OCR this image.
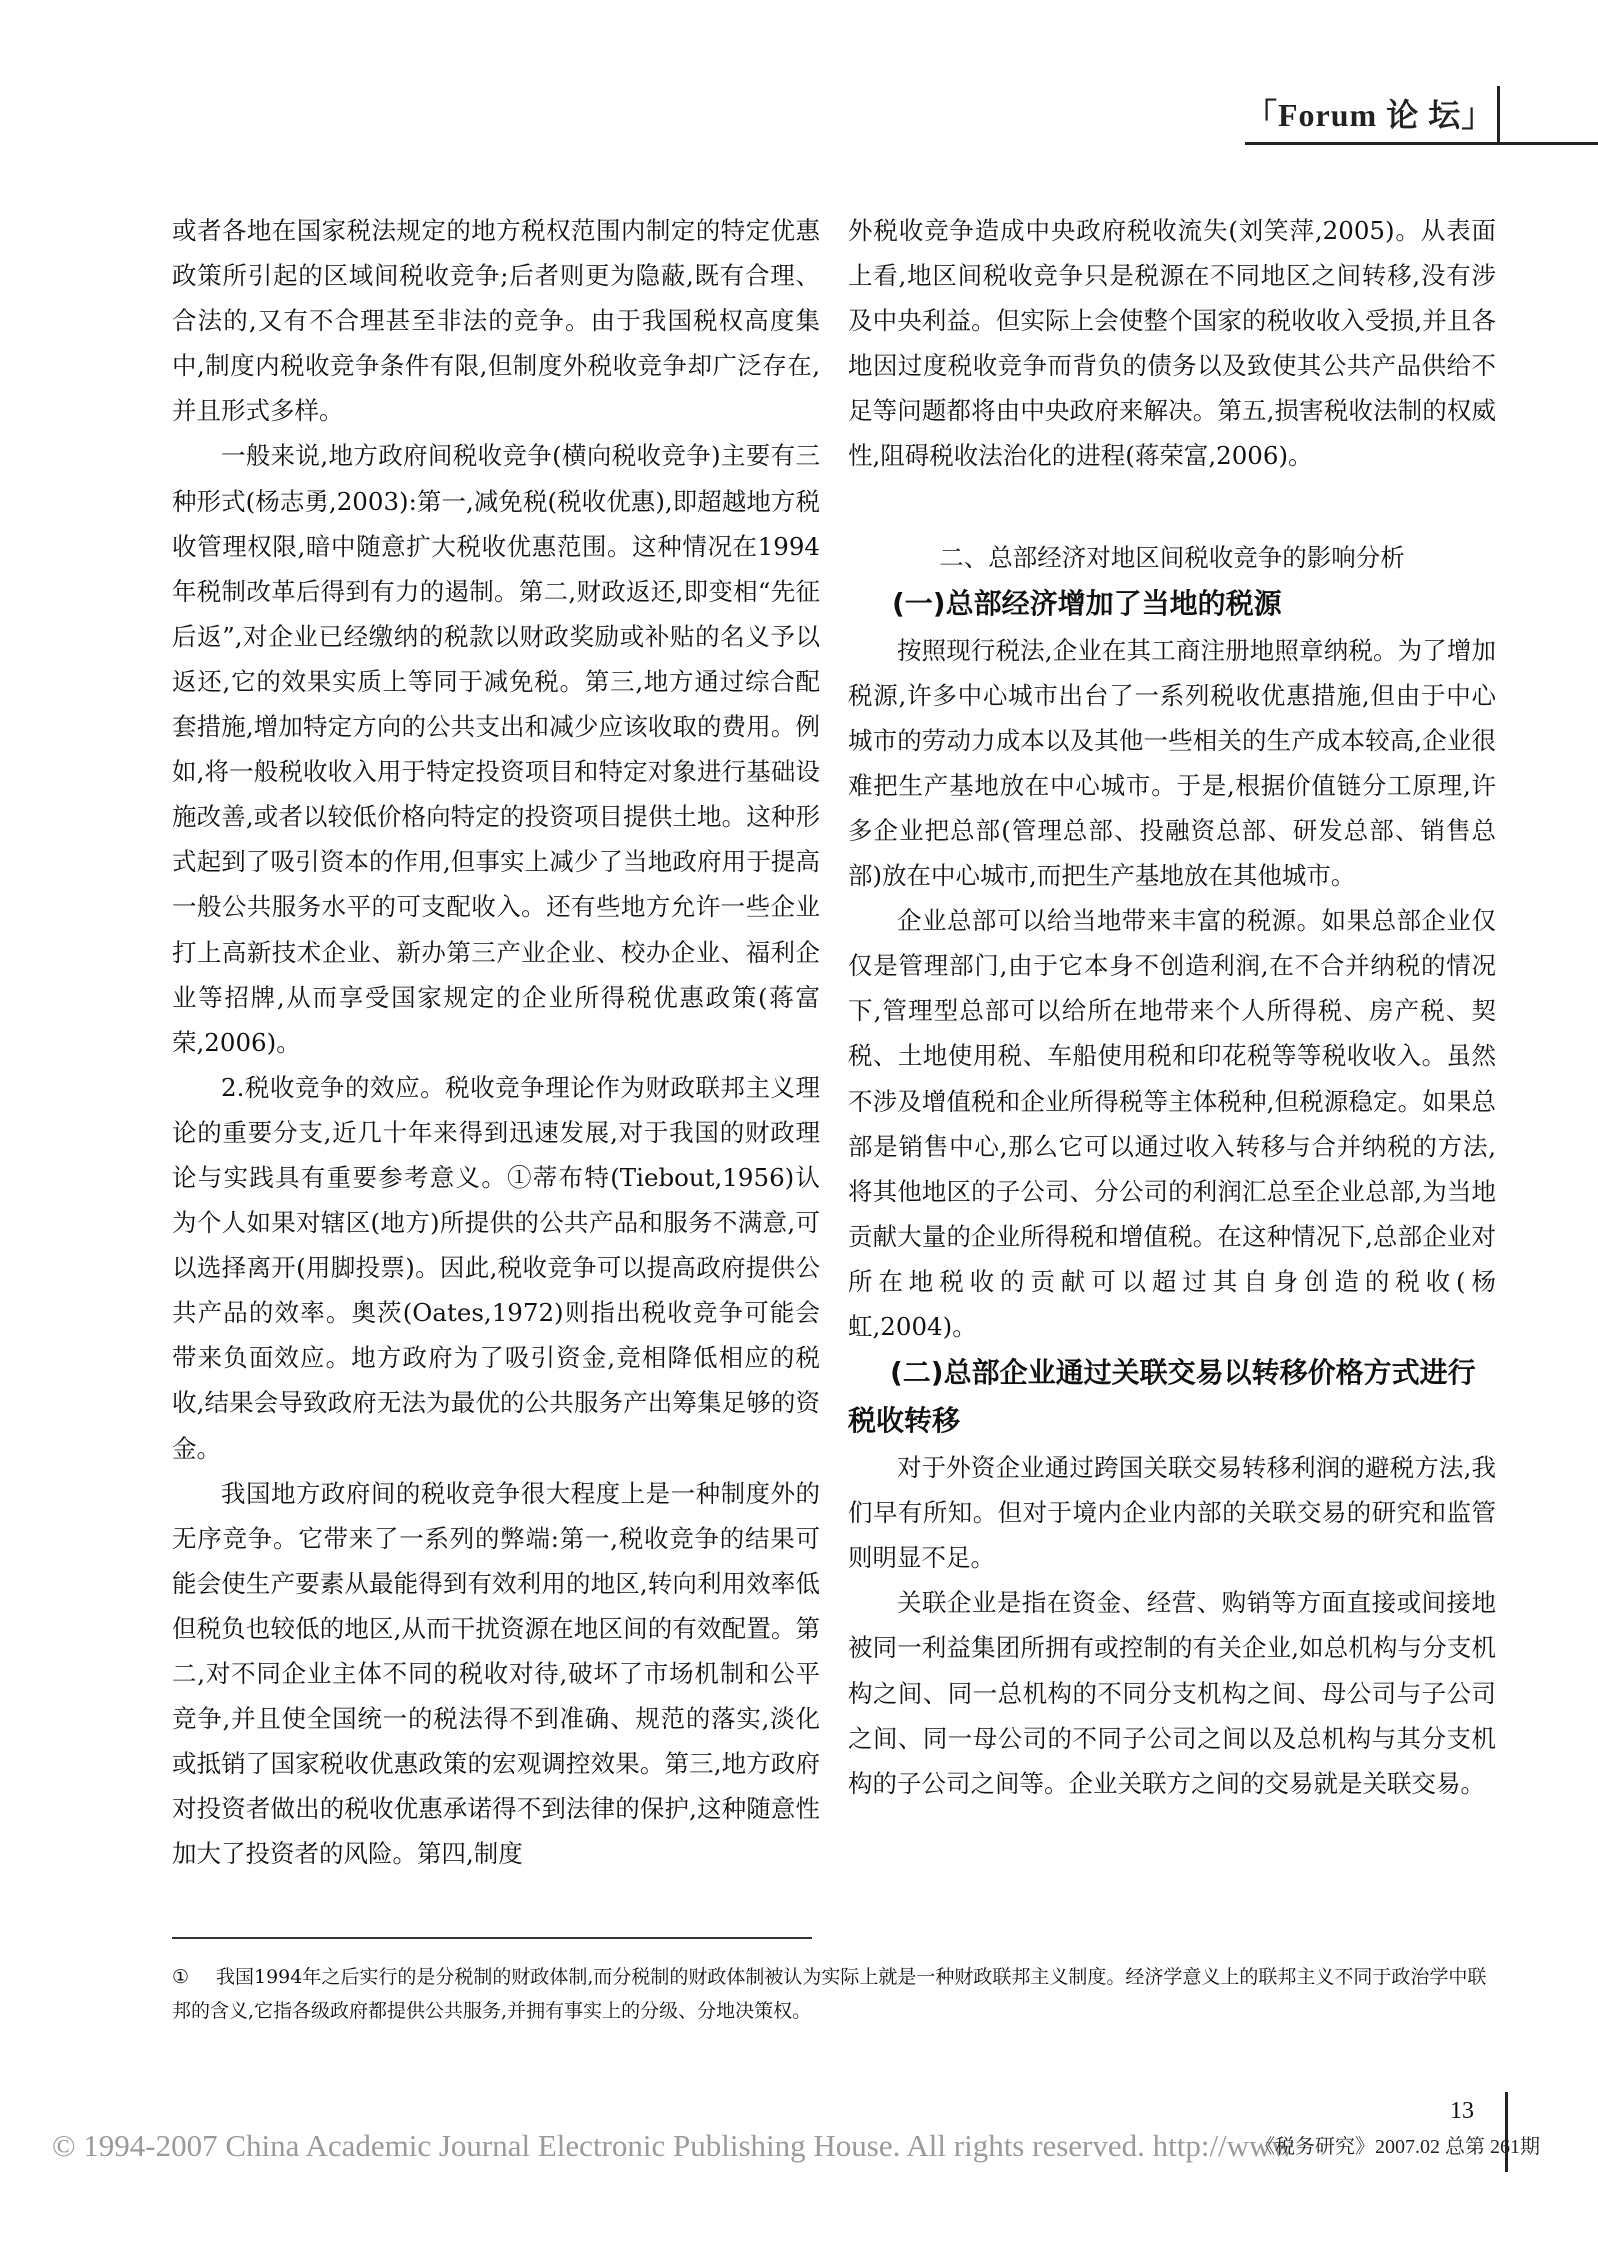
「Forum 论 坛」

或者各地在国家税法规定的地方税权范围内制定的特定优惠政策所引起的区域间税收竞争;后者则更为隐蔽,既有合理、合法的,又有不合理甚至非法的竞争。由于我国税权高度集中,制度内税收竞争条件有限,但制度外税收竞争却广泛存在,并且形式多样。

一般来说,地方政府间税收竞争(横向税收竞争)主要有三种形式(杨志勇,2003):第一,减免税(税收优惠),即超越地方税收管理权限,暗中随意扩大税收优惠范围。这种情况在1994年税制改革后得到有力的遏制。第二,财政返还,即变相“先征后返”,对企业已经缴纳的税款以财政奖励或补贴的名义予以返还,它的效果实质上等同于减免税。第三,地方通过综合配套措施,增加特定方向的公共支出和减少应该收取的费用。例如,将一般税收收入用于特定投资项目和特定对象进行基础设施改善,或者以较低价格向特定的投资项目提供土地。这种形式起到了吸引资本的作用,但事实上减少了当地政府用于提高一般公共服务水平的可支配收入。还有些地方允许一些企业打上高新技术企业、新办第三产业企业、校办企业、福利企业等招牌,从而享受国家规定的企业所得税优惠政策(蒋富荣,2006)。

2.税收竞争的效应。税收竞争理论作为财政联邦主义理论的重要分支,近几十年来得到迅速发展,对于我国的财政理论与实践具有重要参考意义。①蒂布特(Tiebout,1956)认为个人如果对辖区(地方)所提供的公共产品和服务不满意,可以选择离开(用脚投票)。因此,税收竞争可以提高政府提供公共产品的效率。奥茨(Oates,1972)则指出税收竞争可能会带来负面效应。地方政府为了吸引资金,竞相降低相应的税收,结果会导致政府无法为最优的公共服务产出筹集足够的资金。

我国地方政府间的税收竞争很大程度上是一种制度外的无序竞争。它带来了一系列的弊端:第一,税收竞争的结果可能会使生产要素从最能得到有效利用的地区,转向利用效率低但税负也较低的地区,从而干扰资源在地区间的有效配置。第二,对不同企业主体不同的税收对待,破坏了市场机制和公平竞争,并且使全国统一的税法得不到准确、规范的落实,淡化或抵销了国家税收优惠政策的宏观调控效果。第三,地方政府对投资者做出的税收优惠承诺得不到法律的保护,这种随意性加大了投资者的风险。第四,制度

外税收竞争造成中央政府税收流失(刘笑萍,2005)。从表面上看,地区间税收竞争只是税源在不同地区之间转移,没有涉及中央利益。但实际上会使整个国家的税收收入受损,并且各地因过度税收竞争而背负的债务以及致使其公共产品供给不足等问题都将由中央政府来解决。第五,损害税收法制的权威性,阻碍税收法治化的进程(蒋荣富,2006)。

二、总部经济对地区间税收竞争的影响分析
(一)总部经济增加了当地的税源

按照现行税法,企业在其工商注册地照章纳税。为了增加税源,许多中心城市出台了一系列税收优惠措施,但由于中心城市的劳动力成本以及其他一些相关的生产成本较高,企业很难把生产基地放在中心城市。于是,根据价值链分工原理,许多企业把总部(管理总部、投融资总部、研发总部、销售总部)放在中心城市,而把生产基地放在其他城市。

企业总部可以给当地带来丰富的税源。如果总部企业仅仅是管理部门,由于它本身不创造利润,在不合并纳税的情况下,管理型总部可以给所在地带来个人所得税、房产税、契税、土地使用税、车船使用税和印花税等等税收收入。虽然不涉及增值税和企业所得税等主体税种,但税源稳定。如果总部是销售中心,那么它可以通过收入转移与合并纳税的方法,将其他地区的子公司、分公司的利润汇总至企业总部,为当地贡献大量的企业所得税和增值税。在这种情况下,总部企业对所在地税收的贡献可以超过其自身创造的税收(杨虹,2004)。

(二)总部企业通过关联交易以转移价格方式进行税收转移

对于外资企业通过跨国关联交易转移利润的避税方法,我们早有所知。但对于境内企业内部的关联交易的研究和监管则明显不足。

关联企业是指在资金、经营、购销等方面直接或间接地被同一利益集团所拥有或控制的有关企业,如总机构与分支机构之间、同一总机构的不同分支机构之间、母公司与子公司之间、同一母公司的不同子公司之间以及总机构与其分支机构的子公司之间等。企业关联方之间的交易就是关联交易。

① 我国1994年之后实行的是分税制的财政体制,而分税制的财政体制被认为实际上就是一种财政联邦主义制度。经济学意义上的联邦主义不同于政治学中联邦的含义,它指各级政府都提供公共服务,并拥有事实上的分级、分地决策权。
13
© 1994-2007 China Academic Journal Electronic Publishing House. All rights reserved. http://www
《税务研究》2007.02 总第 261期
